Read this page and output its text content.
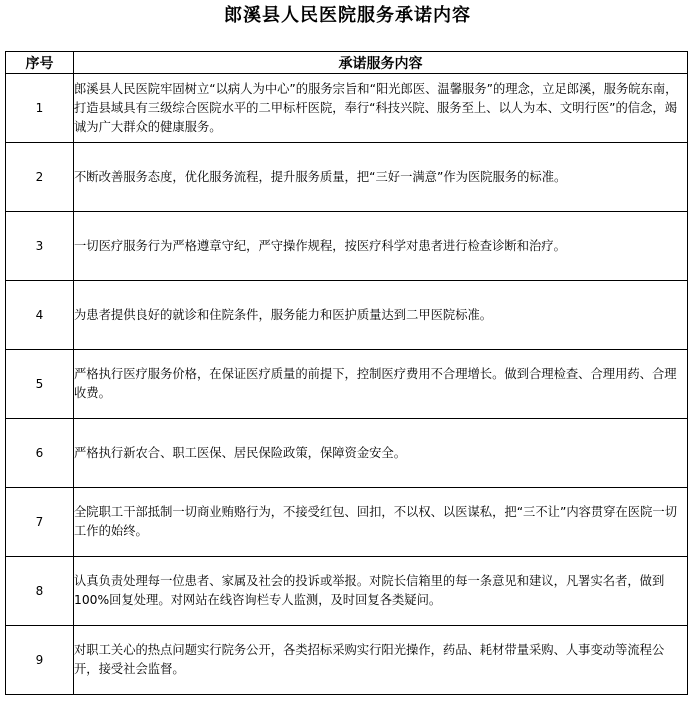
郎溪县人民医院服务承诺内容
序号	承诺服务内容
1	郎溪县人民医院牢固树立“以病人为中心”的服务宗旨和“阳光郎医、温馨服务”的理念，立足郎溪，服务皖东南，打造县域具有三级综合医院水平的二甲标杆医院，奉行“科技兴院、服务至上、以人为本、文明行医”的信念，竭诚为广大群众的健康服务。
2	不断改善服务态度，优化服务流程，提升服务质量，把“三好一满意”作为医院服务的标准。
3	一切医疗服务行为严格遵章守纪，严守操作规程，按医疗科学对患者进行检查诊断和治疗。
4	为患者提供良好的就诊和住院条件，服务能力和医护质量达到二甲医院标准。
5	严格执行医疗服务价格，在保证医疗质量的前提下，控制医疗费用不合理增长。做到合理检查、合理用药、合理收费。
6	严格执行新农合、职工医保、居民保险政策，保障资金安全。
7	全院职工干部抵制一切商业贿赂行为，不接受红包、回扣，不以权、以医谋私，把“三不让”内容贯穿在医院一切工作的始终。
8	认真负责处理每一位患者、家属及社会的投诉或举报。对院长信箱里的每一条意见和建议，凡署实名者，做到100%回复处理。对网站在线咨询栏专人监测，及时回复各类疑问。
9	对职工关心的热点问题实行院务公开，各类招标采购实行阳光操作，药品、耗材带量采购、人事变动等流程公开，接受社会监督。
